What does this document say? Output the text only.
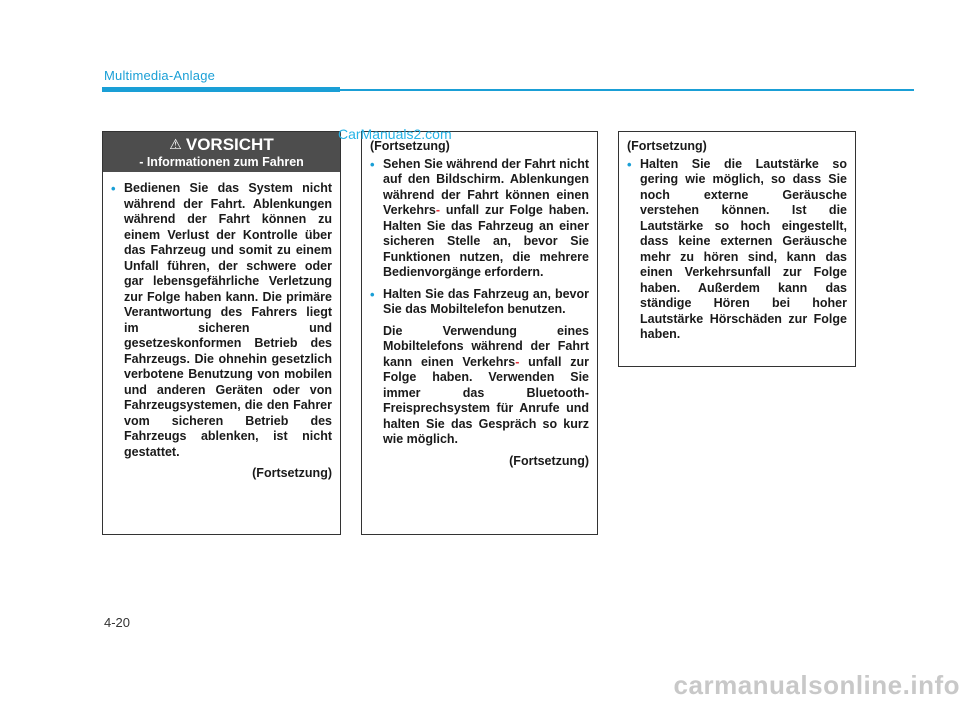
Multimedia-Anlage
CarManuals2.com
⚠ VORSICHT
- Informationen zum Fahren
• Bedienen Sie das System nicht während der Fahrt. Ablenkungen während der Fahrt können zu einem Verlust der Kontrolle über das Fahrzeug und somit zu einem Unfall führen, der schwere oder gar lebensgefährliche Verletzung zur Folge haben kann. Die primäre Verantwortung des Fahrers liegt im sicheren und gesetzeskonformen Betrieb des Fahrzeugs. Die ohnehin gesetzlich verbotene Benutzung von mobilen und anderen Geräten oder von Fahrzeugsystemen, die den Fahrer vom sicheren Betrieb des Fahrzeugs ablenken, ist nicht gestattet.
(Fortsetzung)
(Fortsetzung)
• Sehen Sie während der Fahrt nicht auf den Bildschirm. Ablenkungen während der Fahrt können einen Verkehrs- unfall zur Folge haben. Halten Sie das Fahrzeug an einer sicheren Stelle an, bevor Sie Funktionen nutzen, die mehrere Bedienvorgänge erfordern.
• Halten Sie das Fahrzeug an, bevor Sie das Mobiltelefon benutzen.
Die Verwendung eines Mobiltelefons während der Fahrt kann einen Verkehrs- unfall zur Folge haben. Verwenden Sie immer das Bluetooth-Freisprechsystem für Anrufe und halten Sie das Gespräch so kurz wie möglich.
(Fortsetzung)
(Fortsetzung)
• Halten Sie die Lautstärke so gering wie möglich, so dass Sie noch externe Geräusche verstehen können. Ist die Lautstärke so hoch eingestellt, dass keine externen Geräusche mehr zu hören sind, kann das einen Verkehrsunfall zur Folge haben. Außerdem kann das ständige Hören bei hoher Lautstärke Hörschäden zur Folge haben.
4-20
carmanualsonline.info
